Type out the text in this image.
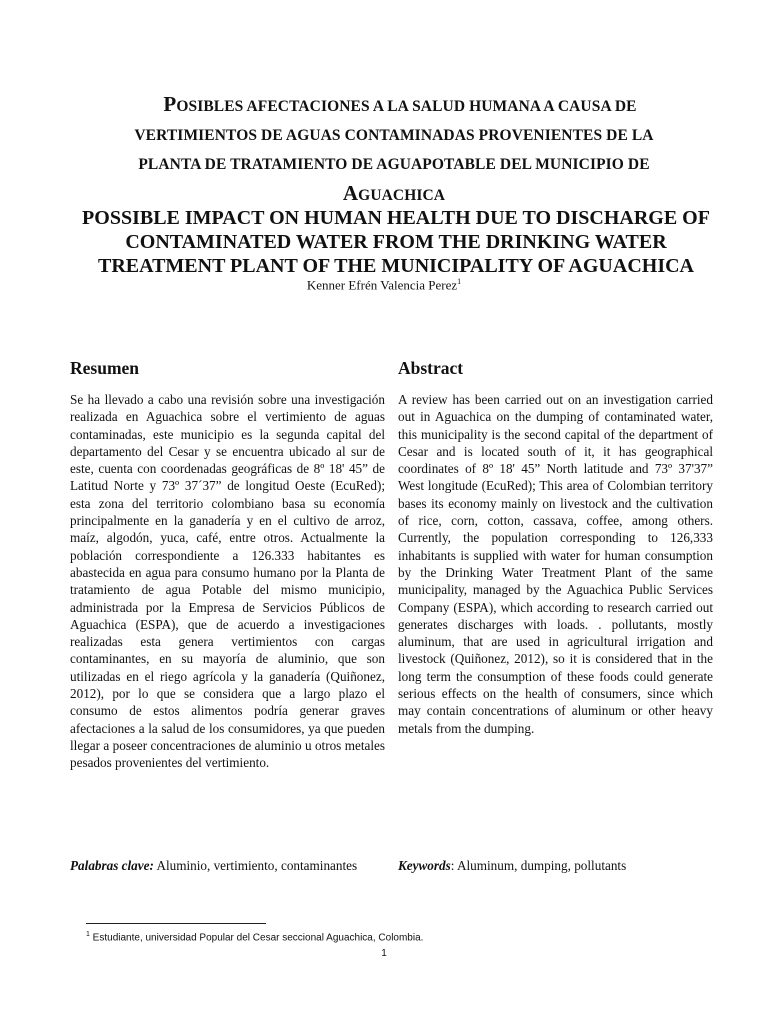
POSIBLES AFECTACIONES A LA SALUD HUMANA A CAUSA DE
VERTIMIENTOS DE AGUAS CONTAMINADAS PROVENIENTES DE LA
PLANTA DE TRATAMIENTO DE AGUAPOTABLE DEL MUNICIPIO DE
AGUACHICA
POSSIBLE IMPACT ON HUMAN HEALTH DUE TO DISCHARGE OF CONTAMINATED WATER FROM THE DRINKING WATER TREATMENT PLANT OF THE MUNICIPALITY OF AGUACHICA
Kenner Efrén Valencia Perez$^1$
Resumen

Se ha llevado a cabo una revisión sobre una investigación realizada en Aguachica sobre el vertimiento de aguas contaminadas, este municipio es la segunda capital del departamento del Cesar y se encuentra ubicado al sur de este, cuenta con coordenadas geográficas de 8º 18' 45” de Latitud Norte y 73º 37´37” de longitud Oeste (EcuRed); esta zona del territorio colombiano basa su economía principalmente en la ganadería y en el cultivo de arroz, maíz, algodón, yuca, café, entre otros. Actualmente la población correspondiente a 126.333 habitantes es abastecida en agua para consumo humano por la Planta de tratamiento de agua Potable del mismo municipio, administrada por la Empresa de Servicios Públicos de Aguachica (ESPA), que de acuerdo a investigaciones realizadas esta genera vertimientos con cargas contaminantes, en su mayoría de aluminio, que son utilizadas en el riego agrícola y la ganadería (Quiñonez, 2012), por lo que se considera que a largo plazo el consumo de estos alimentos podría generar graves afectaciones a la salud de los consumidores, ya que pueden llegar a poseer concentraciones de aluminio u otros metales pesados provenientes del vertimiento.

Abstract

A review has been carried out on an investigation carried out in Aguachica on the dumping of contaminated water, this municipality is the second capital of the department of Cesar and is located south of it, it has geographical coordinates of 8º 18' 45” North latitude and 73º 37'37” West longitude (EcuRed); This area of Colombian territory bases its economy mainly on livestock and the cultivation of rice, corn, cotton, cassava, coffee, among others. Currently, the population corresponding to 126,333 inhabitants is supplied with water for human consumption by the Drinking Water Treatment Plant of the same municipality, managed by the Aguachica Public Services Company (ESPA), which according to research carried out generates discharges with loads. . pollutants, mostly aluminum, that are used in agricultural irrigation and livestock (Quiñonez, 2012), so it is considered that in the long term the consumption of these foods could generate serious effects on the health of consumers, since which may contain concentrations of aluminum or other heavy metals from the dumping.

Palabras clave: Aluminio, vertimiento, contaminantes	Keywords: Aluminum, dumping, pollutants
$^1$ Estudiante, universidad Popular del Cesar seccional Aguachica, Colombia.
1
